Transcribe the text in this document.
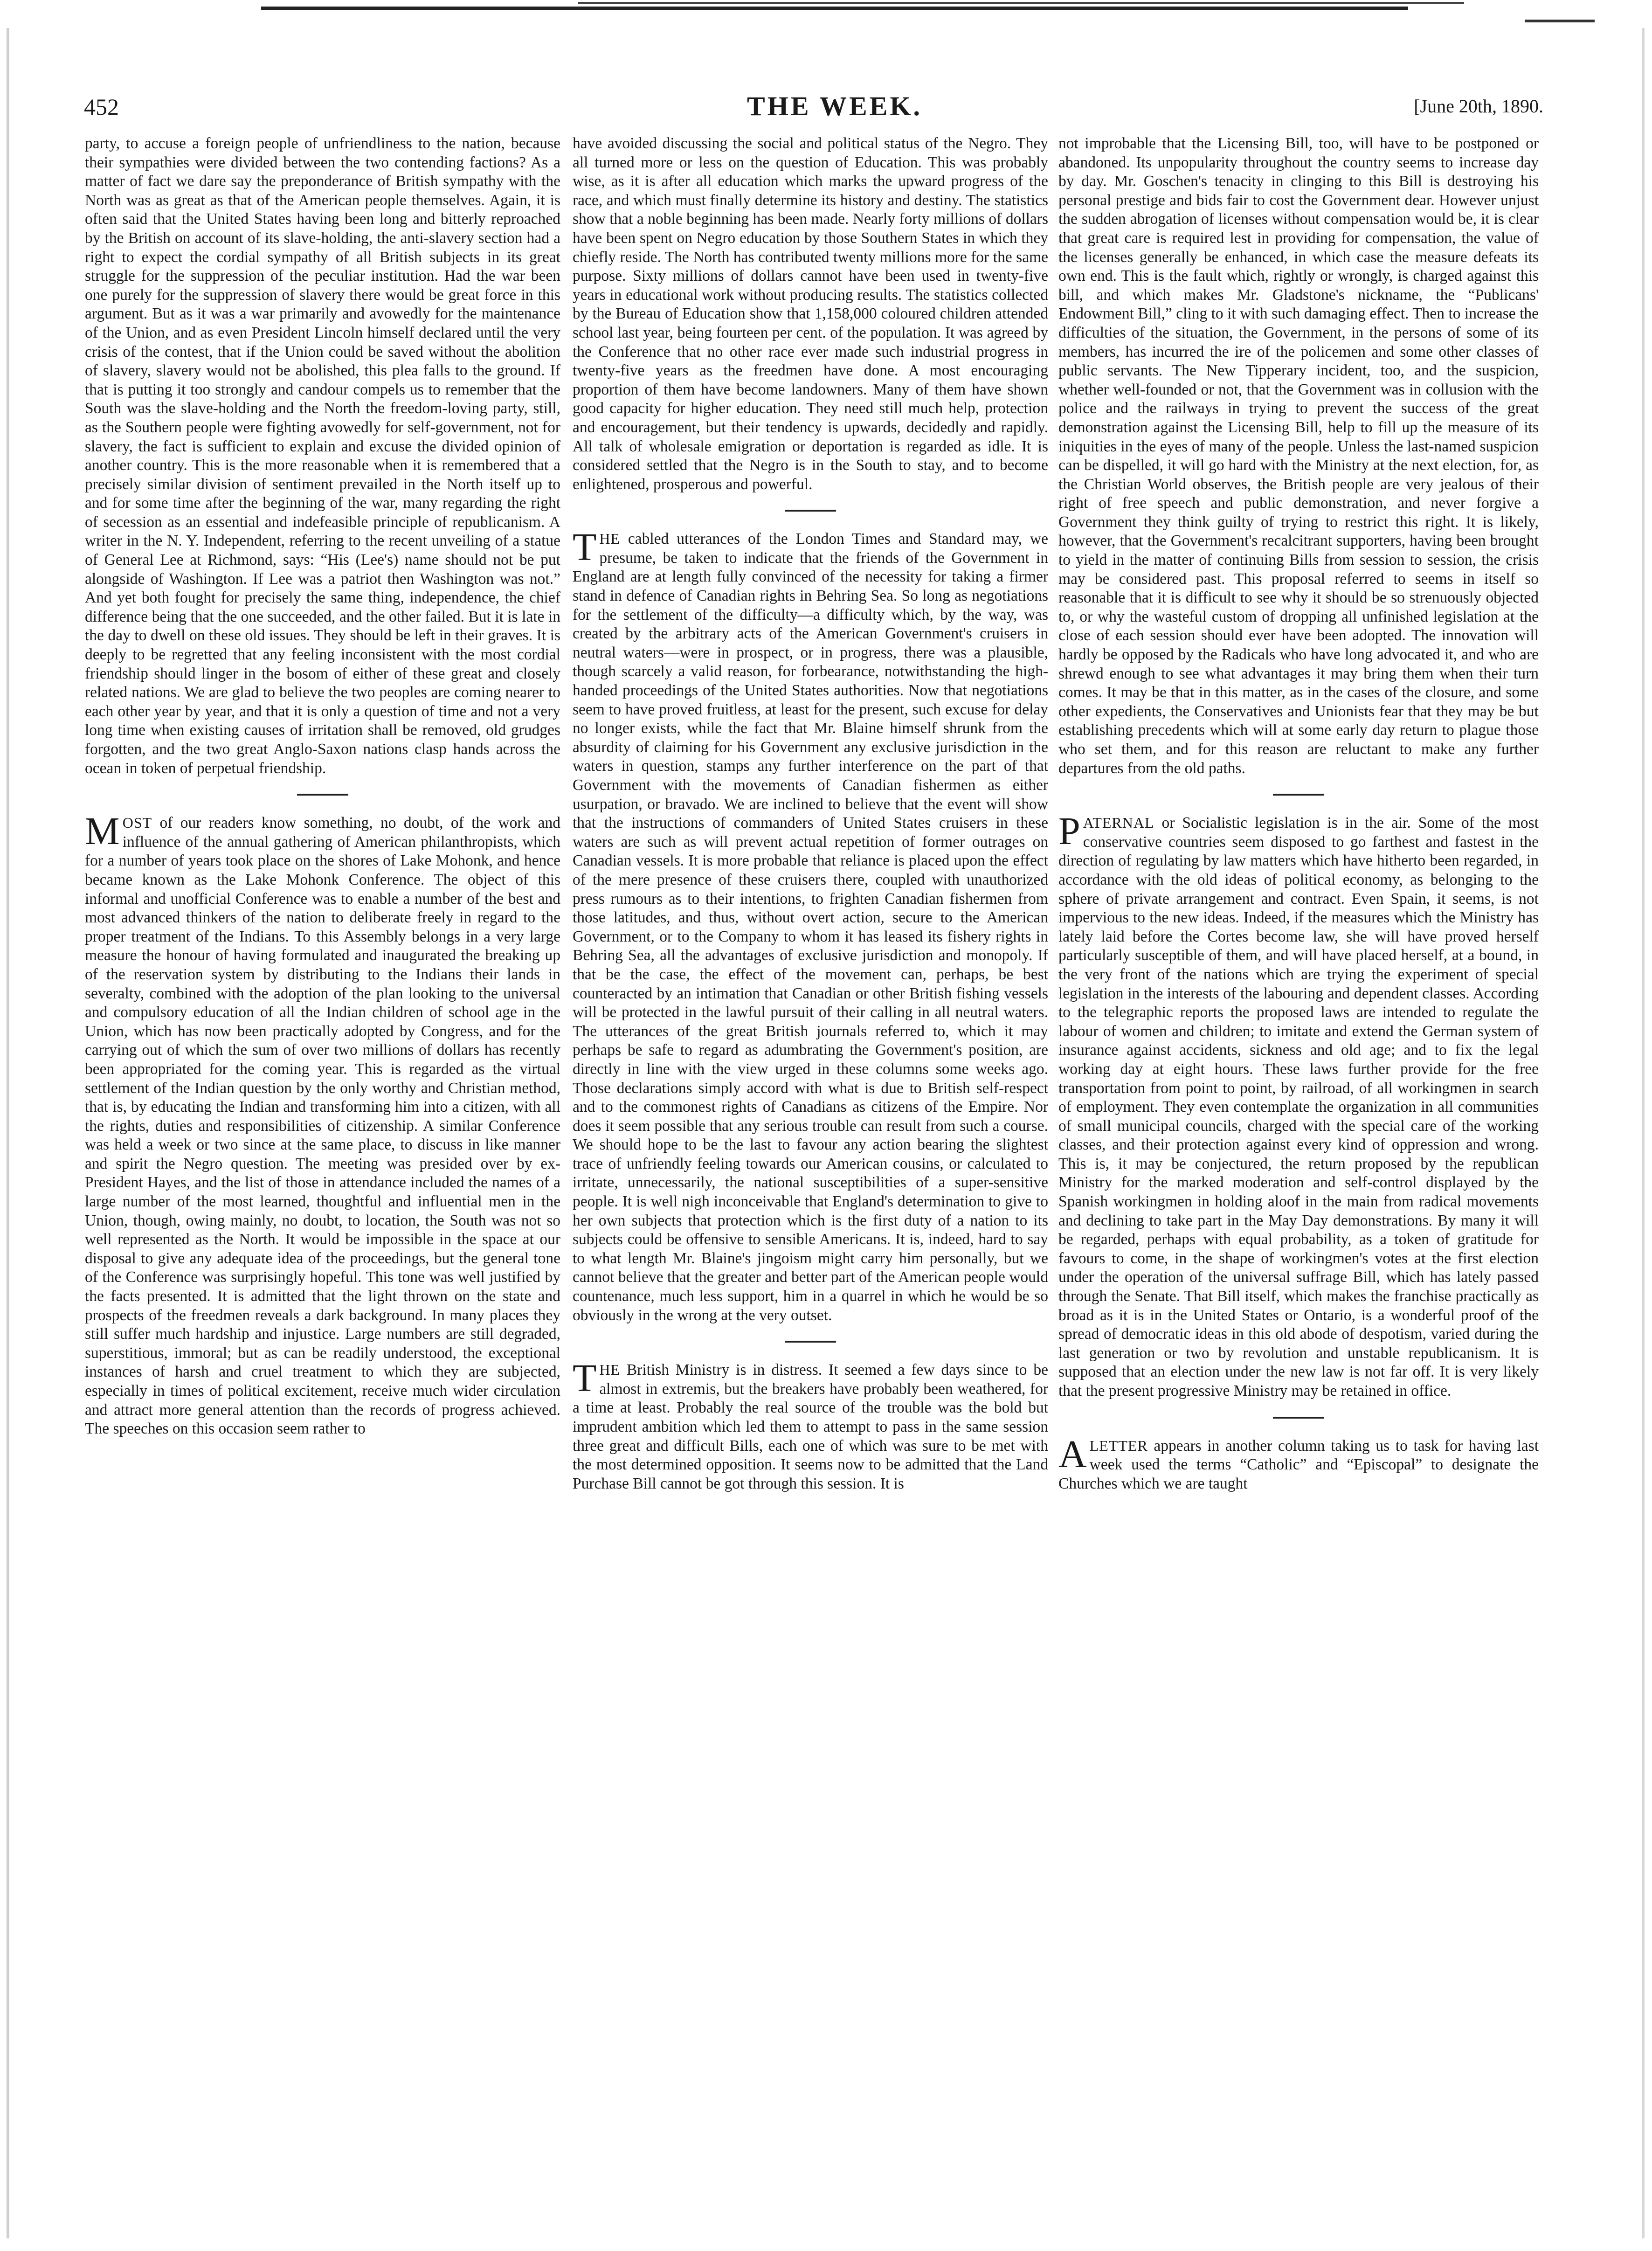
452	THE WEEK.	[June 20th, 1890.

party, to accuse a foreign people of unfriendliness to the nation, because their sympathies were divided between the two contending factions? As a matter of fact we dare say the preponderance of British sympathy with the North was as great as that of the American people themselves. Again, it is often said that the United States having been long and bitterly reproached by the British on account of its slave-holding, the anti-slavery section had a right to expect the cordial sympathy of all British subjects in its great struggle for the suppression of the peculiar institution. Had the war been one purely for the suppression of slavery there would be great force in this argument. But as it was a war primarily and avowedly for the maintenance of the Union, and as even President Lincoln himself declared until the very crisis of the contest, that if the Union could be saved without the abolition of slavery, slavery would not be abolished, this plea falls to the ground. If that is putting it too strongly and candour compels us to remember that the South was the slave-holding and the North the freedom-loving party, still, as the Southern people were fighting avowedly for self-government, not for slavery, the fact is sufficient to explain and excuse the divided opinion of another country. This is the more reasonable when it is remembered that a precisely similar division of sentiment prevailed in the North itself up to and for some time after the beginning of the war, many regarding the right of secession as an essential and indefeasible principle of republicanism. A writer in the N. Y. Independent, referring to the recent unveiling of a statue of General Lee at Richmond, says: “His (Lee's) name should not be put alongside of Washington. If Lee was a patriot then Washington was not.” And yet both fought for precisely the same thing, independence, the chief difference being that the one succeeded, and the other failed. But it is late in the day to dwell on these old issues. They should be left in their graves. It is deeply to be regretted that any feeling inconsistent with the most cordial friendship should linger in the bosom of either of these great and closely related nations. We are glad to believe the two peoples are coming nearer to each other year by year, and that it is only a question of time and not a very long time when existing causes of irritation shall be removed, old grudges forgotten, and the two great Anglo-Saxon nations clasp hands across the ocean in token of perpetual friendship.

MOST of our readers know something, no doubt, of the work and influence of the annual gathering of American philanthropists, which for a number of years took place on the shores of Lake Mohonk, and hence became known as the Lake Mohonk Conference. The object of this informal and unofficial Conference was to enable a number of the best and most advanced thinkers of the nation to deliberate freely in regard to the proper treatment of the Indians. To this Assembly belongs in a very large measure the honour of having formulated and inaugurated the breaking up of the reservation system by distributing to the Indians their lands in severalty, combined with the adoption of the plan looking to the universal and compulsory education of all the Indian children of school age in the Union, which has now been practically adopted by Congress, and for the carrying out of which the sum of over two millions of dollars has recently been appropriated for the coming year. This is regarded as the virtual settlement of the Indian question by the only worthy and Christian method, that is, by educating the Indian and transforming him into a citizen, with all the rights, duties and responsibilities of citizenship. A similar Conference was held a week or two since at the same place, to discuss in like manner and spirit the Negro question. The meeting was presided over by ex-President Hayes, and the list of those in attendance included the names of a large number of the most learned, thoughtful and influential men in the Union, though, owing mainly, no doubt, to location, the South was not so well represented as the North. It would be impossible in the space at our disposal to give any adequate idea of the proceedings, but the general tone of the Conference was surprisingly hopeful. This tone was well justified by the facts presented. It is admitted that the light thrown on the state and prospects of the freedmen reveals a dark background. In many places they still suffer much hardship and injustice. Large numbers are still degraded, superstitious, immoral; but as can be readily understood, the exceptional instances of harsh and cruel treatment to which they are subjected, especially in times of political excitement, receive much wider circulation and attract more general attention than the records of progress achieved. The speeches on this occasion seem rather to

have avoided discussing the social and political status of the Negro. They all turned more or less on the question of Education. This was probably wise, as it is after all education which marks the upward progress of the race, and which must finally determine its history and destiny. The statistics show that a noble beginning has been made. Nearly forty millions of dollars have been spent on Negro education by those Southern States in which they chiefly reside. The North has contributed twenty millions more for the same purpose. Sixty millions of dollars cannot have been used in twenty-five years in educational work without producing results. The statistics collected by the Bureau of Education show that 1,158,000 coloured children attended school last year, being fourteen per cent. of the population. It was agreed by the Conference that no other race ever made such industrial progress in twenty-five years as the freedmen have done. A most encouraging proportion of them have become landowners. Many of them have shown good capacity for higher education. They need still much help, protection and encouragement, but their tendency is upwards, decidedly and rapidly. All talk of wholesale emigration or deportation is regarded as idle. It is considered settled that the Negro is in the South to stay, and to become enlightened, prosperous and powerful.

THE cabled utterances of the London Times and Standard may, we presume, be taken to indicate that the friends of the Government in England are at length fully convinced of the necessity for taking a firmer stand in defence of Canadian rights in Behring Sea. So long as negotiations for the settlement of the difficulty—a difficulty which, by the way, was created by the arbitrary acts of the American Government's cruisers in neutral waters—were in prospect, or in progress, there was a plausible, though scarcely a valid reason, for forbearance, notwithstanding the high-handed proceedings of the United States authorities. Now that negotiations seem to have proved fruitless, at least for the present, such excuse for delay no longer exists, while the fact that Mr. Blaine himself shrunk from the absurdity of claiming for his Government any exclusive jurisdiction in the waters in question, stamps any further interference on the part of that Government with the movements of Canadian fishermen as either usurpation, or bravado. We are inclined to believe that the event will show that the instructions of commanders of United States cruisers in these waters are such as will prevent actual repetition of former outrages on Canadian vessels. It is more probable that reliance is placed upon the effect of the mere presence of these cruisers there, coupled with unauthorized press rumours as to their intentions, to frighten Canadian fishermen from those latitudes, and thus, without overt action, secure to the American Government, or to the Company to whom it has leased its fishery rights in Behring Sea, all the advantages of exclusive jurisdiction and monopoly. If that be the case, the effect of the movement can, perhaps, be best counteracted by an intimation that Canadian or other British fishing vessels will be protected in the lawful pursuit of their calling in all neutral waters. The utterances of the great British journals referred to, which it may perhaps be safe to regard as adumbrating the Government's position, are directly in line with the view urged in these columns some weeks ago. Those declarations simply accord with what is due to British self-respect and to the commonest rights of Canadians as citizens of the Empire. Nor does it seem possible that any serious trouble can result from such a course. We should hope to be the last to favour any action bearing the slightest trace of unfriendly feeling towards our American cousins, or calculated to irritate, unnecessarily, the national susceptibilities of a super-sensitive people. It is well nigh inconceivable that England's determination to give to her own subjects that protection which is the first duty of a nation to its subjects could be offensive to sensible Americans. It is, indeed, hard to say to what length Mr. Blaine's jingoism might carry him personally, but we cannot believe that the greater and better part of the American people would countenance, much less support, him in a quarrel in which he would be so obviously in the wrong at the very outset.

THE British Ministry is in distress. It seemed a few days since to be almost in extremis, but the breakers have probably been weathered, for a time at least. Probably the real source of the trouble was the bold but imprudent ambition which led them to attempt to pass in the same session three great and difficult Bills, each one of which was sure to be met with the most determined opposition. It seems now to be admitted that the Land Purchase Bill cannot be got through this session. It is

not improbable that the Licensing Bill, too, will have to be postponed or abandoned. Its unpopularity throughout the country seems to increase day by day. Mr. Goschen's tenacity in clinging to this Bill is destroying his personal prestige and bids fair to cost the Government dear. However unjust the sudden abrogation of licenses without compensation would be, it is clear that great care is required lest in providing for compensation, the value of the licenses generally be enhanced, in which case the measure defeats its own end. This is the fault which, rightly or wrongly, is charged against this bill, and which makes Mr. Gladstone's nickname, the “Publicans' Endowment Bill,” cling to it with such damaging effect. Then to increase the difficulties of the situation, the Government, in the persons of some of its members, has incurred the ire of the policemen and some other classes of public servants. The New Tipperary incident, too, and the suspicion, whether well-founded or not, that the Government was in collusion with the police and the railways in trying to prevent the success of the great demonstration against the Licensing Bill, help to fill up the measure of its iniquities in the eyes of many of the people. Unless the last-named suspicion can be dispelled, it will go hard with the Ministry at the next election, for, as the Christian World observes, the British people are very jealous of their right of free speech and public demonstration, and never forgive a Government they think guilty of trying to restrict this right. It is likely, however, that the Government's recalcitrant supporters, having been brought to yield in the matter of continuing Bills from session to session, the crisis may be considered past. This proposal referred to seems in itself so reasonable that it is difficult to see why it should be so strenuously objected to, or why the wasteful custom of dropping all unfinished legislation at the close of each session should ever have been adopted. The innovation will hardly be opposed by the Radicals who have long advocated it, and who are shrewd enough to see what advantages it may bring them when their turn comes. It may be that in this matter, as in the cases of the closure, and some other expedients, the Conservatives and Unionists fear that they may be but establishing precedents which will at some early day return to plague those who set them, and for this reason are reluctant to make any further departures from the old paths.

PATERNAL or Socialistic legislation is in the air. Some of the most conservative countries seem disposed to go farthest and fastest in the direction of regulating by law matters which have hitherto been regarded, in accordance with the old ideas of political economy, as belonging to the sphere of private arrangement and contract. Even Spain, it seems, is not impervious to the new ideas. Indeed, if the measures which the Ministry has lately laid before the Cortes become law, she will have proved herself particularly susceptible of them, and will have placed herself, at a bound, in the very front of the nations which are trying the experiment of special legislation in the interests of the labouring and dependent classes. According to the telegraphic reports the proposed laws are intended to regulate the labour of women and children; to imitate and extend the German system of insurance against accidents, sickness and old age; and to fix the legal working day at eight hours. These laws further provide for the free transportation from point to point, by railroad, of all workingmen in search of employment. They even contemplate the organization in all communities of small municipal councils, charged with the special care of the working classes, and their protection against every kind of oppression and wrong. This is, it may be conjectured, the return proposed by the republican Ministry for the marked moderation and self-control displayed by the Spanish workingmen in holding aloof in the main from radical movements and declining to take part in the May Day demonstrations. By many it will be regarded, perhaps with equal probability, as a token of gratitude for favours to come, in the shape of workingmen's votes at the first election under the operation of the universal suffrage Bill, which has lately passed through the Senate. That Bill itself, which makes the franchise practically as broad as it is in the United States or Ontario, is a wonderful proof of the spread of democratic ideas in this old abode of despotism, varied during the last generation or two by revolution and unstable republicanism. It is supposed that an election under the new law is not far off. It is very likely that the present progressive Ministry may be retained in office.

ALETTER appears in another column taking us to task for having last week used the terms “Catholic” and “Episcopal” to designate the Churches which we are taught
